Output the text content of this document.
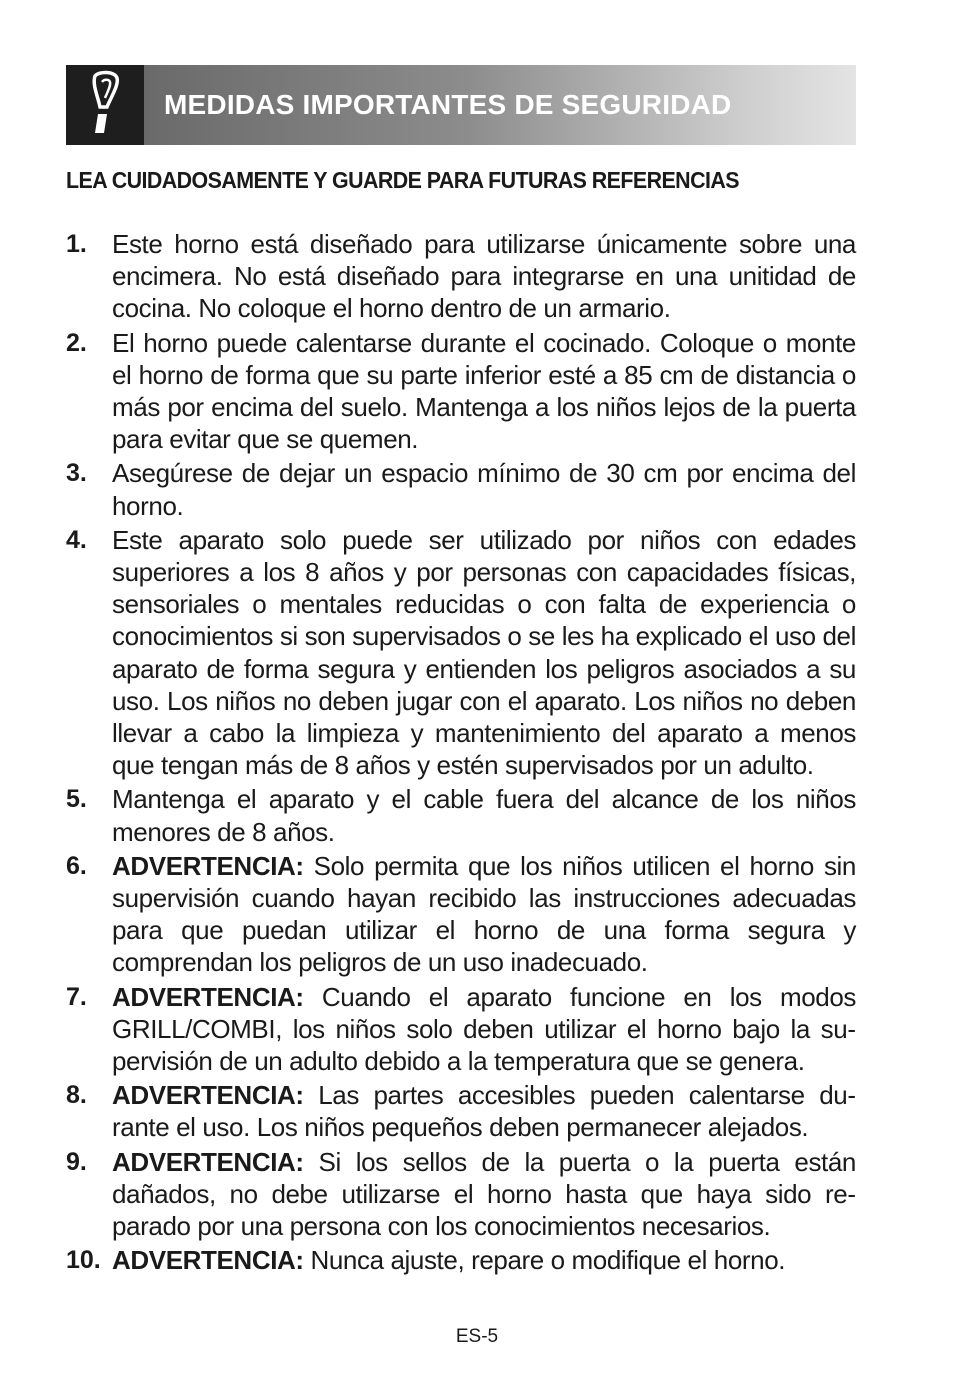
MEDIDAS IMPORTANTES DE SEGURIDAD
LEA CUIDADOSAMENTE Y GUARDE PARA FUTURAS REFERENCIAS
1. Este horno está diseñado para utilizarse únicamente sobre una encimera. No está diseñado para integrarse en una unitidad de cocina. No coloque el horno dentro de un armario.
2. El horno puede calentarse durante el cocinado. Coloque o monte el horno de forma que su parte inferior esté a 85 cm de distancia o más por encima del suelo. Mantenga a los niños lejos de la puerta para evitar que se quemen.
3. Asegúrese de dejar un espacio mínimo de 30 cm por encima del horno.
4. Este aparato solo puede ser utilizado por niños con edades superiores a los 8 años y por personas con capacidades físicas, sensoriales o mentales reducidas o con falta de experiencia o conocimientos si son supervisados o se les ha explicado el uso del aparato de forma segura y entienden los peligros asociados a su uso. Los niños no deben jugar con el aparato. Los niños no deben llevar a cabo la limpieza y mantenimiento del aparato a menos que tengan más de 8 años y estén supervisados por un adulto.
5. Mantenga el aparato y el cable fuera del alcance de los niños menores de 8 años.
6. ADVERTENCIA: Solo permita que los niños utilicen el horno sin supervisión cuando hayan recibido las instrucciones adecuadas para que puedan utilizar el horno de una forma segura y comprendan los peligros de un uso inadecuado.
7. ADVERTENCIA: Cuando el aparato funcione en los modos GRILL/COMBI, los niños solo deben utilizar el horno bajo la supervisión de un adulto debido a la temperatura que se genera.
8. ADVERTENCIA: Las partes accesibles pueden calentarse durante el uso. Los niños pequeños deben permanecer alejados.
9. ADVERTENCIA: Si los sellos de la puerta o la puerta están dañados, no debe utilizarse el horno hasta que haya sido reparado por una persona con los conocimientos necesarios.
10. ADVERTENCIA: Nunca ajuste, repare o modifique el horno.
ES-5
